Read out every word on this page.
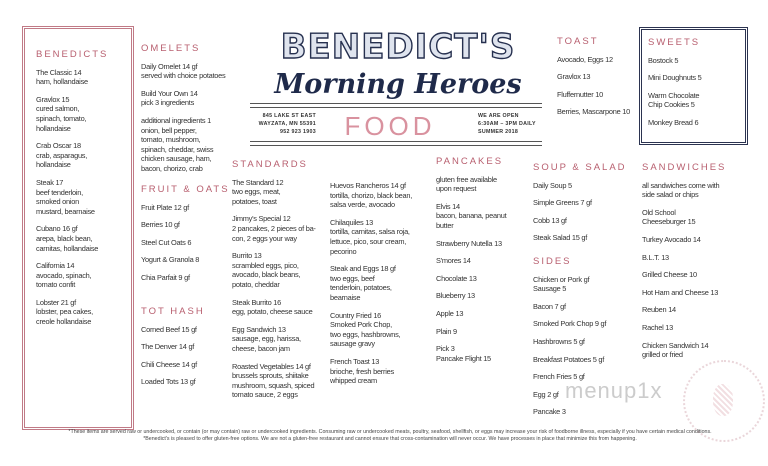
BENEDICT'S
Morning Heroes
FOOD
845 LAKE ST EAST
WAYZATA, MN 55391
952 923 1903
WE ARE OPEN
6:30AM – 3PM DAILY
SUMMER 2018
BENEDICTS
The Classic 14
ham, hollandaise
Gravlox 15
cured salmon,
spinach, tomato,
hollandaise
Crab Oscar 18
crab, asparagus,
hollandaise
Steak 17
beef tenderloin,
smoked onion
mustard, bearnaise
Cubano 16 gf
arepa, black bean,
carnitas, hollandaise
California 14
avocado, spinach,
tomato confit
Lobster 21 gf
lobster, pea cakes,
creole hollandaise
OMELETS
Daily Omelet 14 gf
served with choice potatoes
Build Your Own 14
pick 3 ingredients
additional ingredients 1
onion, bell pepper,
tomato, mushroom,
spinach, cheddar, swiss
chicken sausage, ham,
bacon, chorizo, crab
FRUIT & OATS
Fruit Plate 12 gf
Berries 10 gf
Steel Cut Oats 6
Yogurt & Granola 8
Chia Parfait 9 gf
TOT HASH
Corned Beef 15 gf
The Denver 14 gf
Chili Cheese 14 gf
Loaded Tots 13 gf
STANDARDS
The Standard 12
two eggs, meat,
potatoes, toast
Jimmy's Special 12
2 pancakes, 2 pieces of ba-
con, 2 eggs your way
Burrito 13
scrambled eggs, pico,
avocado, black beans,
potato, cheddar
Steak Burrito 16
egg, potato, cheese sauce
Egg Sandwich 13
sausage, egg, harissa,
cheese, bacon jam
Roasted Vegetables 14 gf
brussels sprouts, shiitake
mushroom, squash, spiced
tomato sauce, 2 eggs
Huevos Rancheros 14 gf
tortilla, chorizo, black bean,
salsa verde, avocado
Chilaquiles 13
tortilla, carnitas, salsa roja,
lettuce, pico, sour cream,
pecorino
Steak and Eggs 18 gf
two eggs, beef
tenderloin, potatoes,
bearnaise
Country Fried 16
Smoked Pork Chop,
two eggs, hashbrowns,
sausage gravy
French Toast 13
brioche, fresh berries
whipped cream
PANCAKES
gluten free available
upon request
Elvis 14
bacon, banana, peanut
butter
Strawberry Nutella 13
S'mores 14
Chocolate 13
Blueberry 13
Apple 13
Plain 9
Pick 3
Pancake Flight 15
TOAST
Avocado, Eggs 12
Gravlox 13
Fluffernutter 10
Berries, Mascarpone 10
SWEETS
Bostock 5
Mini Doughnuts 5
Warm Chocolate
Chip Cookies 5
Monkey Bread 6
SOUP & SALAD
Daily Soup 5
Simple Greens 7 gf
Cobb 13 gf
Steak Salad 15 gf
SIDES
Chicken or Pork gf
Sausage 5
Bacon 7 gf
Smoked Pork Chop 9 gf
Hashbrowns 5 gf
Breakfast Potatoes 5 gf
French Fries 5 gf
Egg 2 gf
Pancake 3
SANDWICHES
all sandwiches come with
side salad or chips
Old School
Cheeseburger 15
Turkey Avocado 14
B.L.T. 13
Grilled Cheese 10
Hot Ham and Cheese 13
Reuben 14
Rachel 13
Chicken Sandwich 14
grilled or fried
menup1x
*These items are served raw or undercooked, or contain (or may contain) raw or undercooked ingredients. Consuming raw or undercooked meats, poultry, seafood, shellfish, or eggs may increase your risk of foodborne illness, especially if you have certain medical conditions.
*Benedict's is pleased to offer gluten-free options. We are not a gluten-free restaurant and cannot ensure that cross-contamination will never occur. We have processes in place that minimize this from happening.
